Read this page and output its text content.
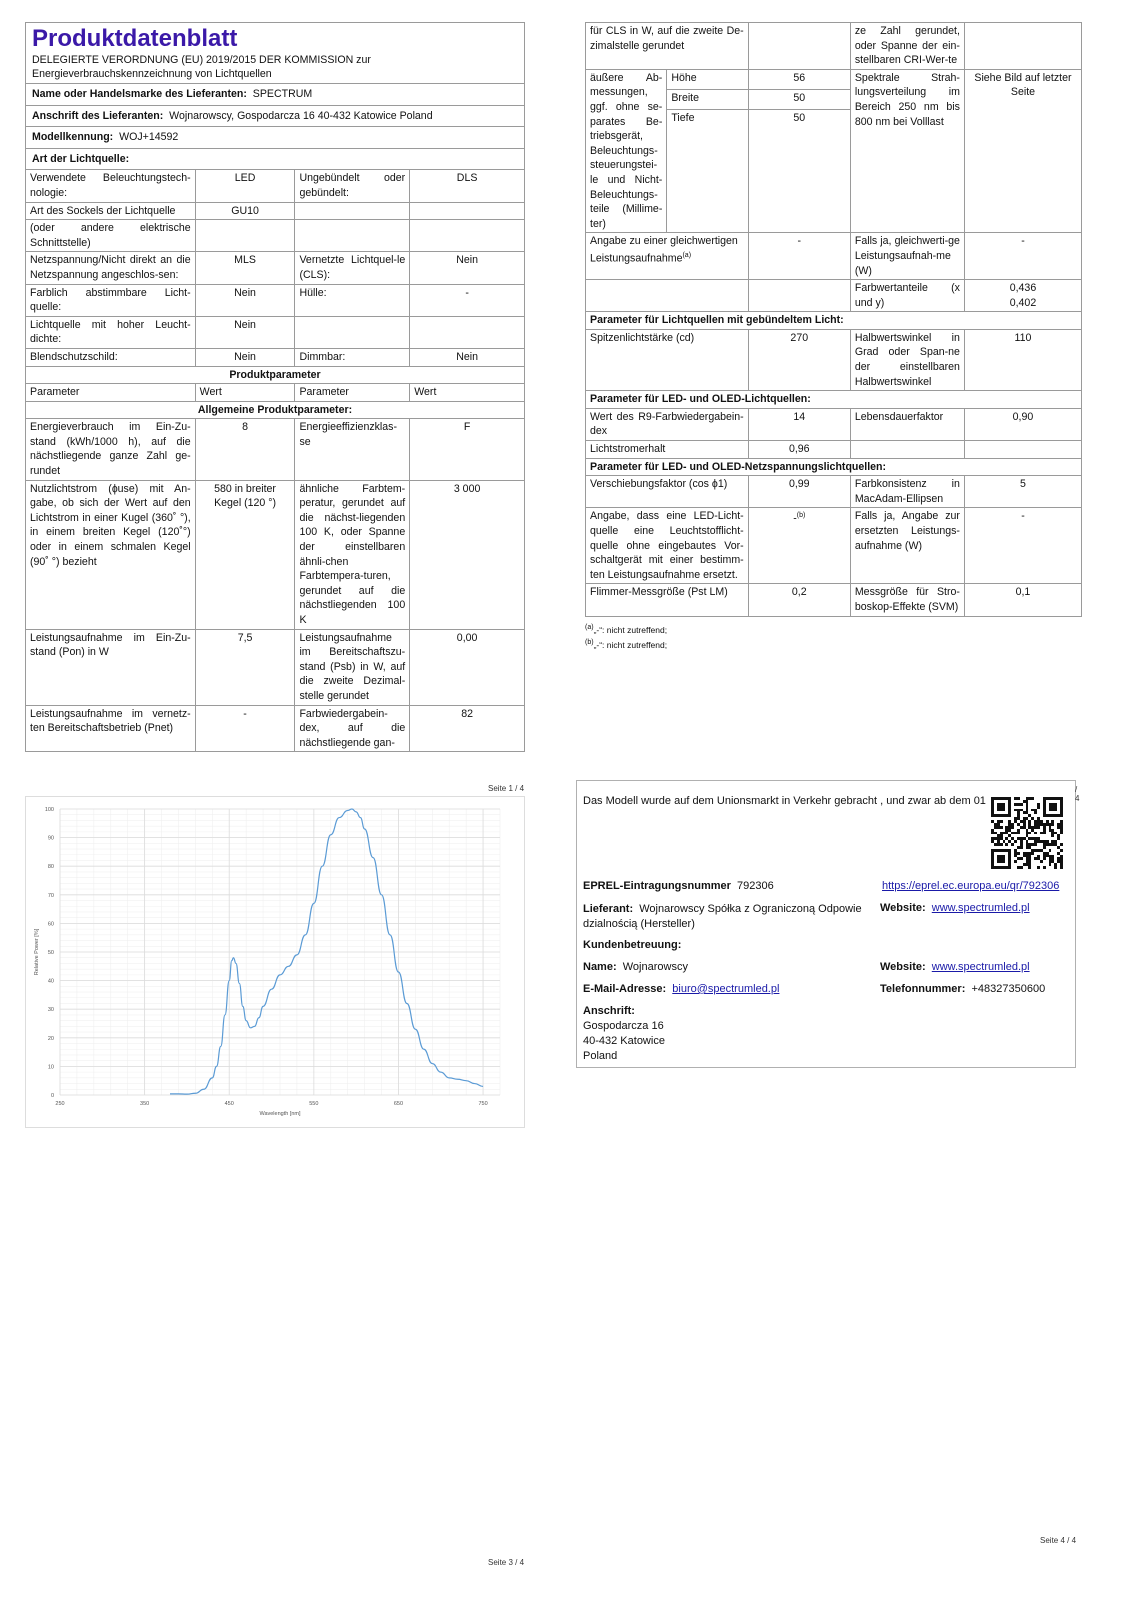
Produktdatenblatt
DELEGIERTE VERORDNUNG (EU) 2019/2015 DER KOMMISSION zur
Energieverbrauchskennzeichnung von Lichtquellen

Name oder Handelsmarke des Lieferanten: SPECTRUM
Anschrift des Lieferanten: Wojnarowscy, Gospodarcza 16 40-432 Katowice Poland
Modellkennung: WOJ+14592
Art der Lichtquelle:
Verwendete Beleuchtungstech-nologie:	LED	Ungebündelt oder gebündelt:	DLS
Art des Sockels der Lichtquelle	GU10		
(oder andere elektrische Schnittstelle)			
Netzspannung/Nicht direkt an die Netzspannung angeschlos-sen:	MLS	Vernetzte Lichtquel-le (CLS):	Nein
Farblich abstimmbare Licht-quelle:	Nein	Hülle:	-
Lichtquelle mit hoher Leucht-dichte:	Nein		
Blendschutzschild:	Nein	Dimmbar:	Nein
Produktparameter			
Parameter	Wert	Parameter	Wert
Allgemeine Produktparameter:			
Energieverbrauch im Ein-Zu-stand (kWh/1000 h), auf die nächstliegende ganze Zahl ge-rundet	8	Energieeffizienzklas-se	F
Nutzlichtstrom (ɸuse) mit An-gabe, ob sich der Wert auf den Lichtstrom in einer Kugel (360˚ °), in einem breiten Kegel (120˚°) oder in einem schmalen Kegel (90˚ °) bezieht	580 in breiter Kegel (120 °)	ähnliche Farbtem-peratur, gerundet auf die nächst-liegenden 100 K, oder Spanne der einstellbaren ähnli-chen Farbtempera-turen, gerundet auf die nächstliegenden 100 K	3 000
Leistungsaufnahme im Ein-Zu-stand (Pon) in W	7,5	Leistungsaufnahme im Bereitschaftszu-stand (Psb) in W, auf die zweite Dezimal-stelle gerundet	0,00
Leistungsaufnahme im vernetz-ten Bereitschaftsbetrieb (Pnet)	-	Farbwiedergabein-dex, auf die nächstliegende gan-	82
Seite 1 / 4
für CLS in W, auf die zweite De-zimalstelle gerundet			ze Zahl gerundet, oder Spanne der ein-stellbaren CRI-Wer-te	
äußere Ab-messungen, ggf. ohne se-parates Be-triebsgerät, Beleuchtungs-steuerungstei-le und Nicht-Beleuchtungs-teile (Millime-ter)	Höhe	56	Spektrale Strah-lungsverteilung im Bereich 250 nm bis 800 nm bei Volllast	Siehe Bild auf letzter Seite
	Breite	50		
	Tiefe	50		
Angabe zu einer gleichwertigen Leistungsaufnahme$^{(a)}$		-	Falls ja, gleichwerti-ge Leistungsaufnah-me (W)	-
			Farbwertanteile (x und y)	0,436
0,402

Parameter für Lichtquellen mit gebündeltem Licht:				
Spitzenlichtstärke (cd)		270	Halbwertswinkel in Grad oder Span-ne der einstellbaren Halbwertswinkel	110
Parameter für LED- und OLED-Lichtquellen:				
Wert des R9-Farbwiedergabein-dex		14	Lebensdauerfaktor	0,90
Lichtstromerhalt		0,96		
Parameter für LED- und OLED-Netzspannungslichtquellen:				
Verschiebungsfaktor (cos ϕ1)		0,99	Farbkonsistenz in MacAdam-Ellipsen	5
Angabe, dass eine LED-Licht-quelle eine Leuchtstofflicht-quelle ohne eingebautes Vor-schaltgerät mit einer bestimm-ten Leistungsaufnahme ersetzt.		-$^{(b)}$	Falls ja, Angabe zur ersetzten Leistungs-aufnahme (W)	-
Flimmer-Messgröße (Pst LM)		0,2	Messgröße für Stro-boskop-Effekte (SVM)	0,1
$^{(a)}$„-“: nicht zutreffend;
$^{(b)}$„-“: nicht zutreffend;
0
10
20
30
40
50
60
70
80
90
100
250	350	450	550	650	750
Wavelength [nm]
Relative Power [%]
Seite 3 / 4
Das Modell wurde auf dem Unionsmarkt in Verkehr gebracht , und zwar ab dem 01
/ 4
EPREL-Eintragungsnummer 792306	https://eprel.ec.europa.eu/qr/792306
Lieferant: Wojnarowscy Spółka z Ograniczoną Odpowie dzialnością (Hersteller)
Website: www.spectrumled.pl
Kundenbetreuung:
Name: Wojnarowscy	Website: www.spectrumled.pl
E-Mail-Adresse: biuro@spectrumled.pl	Telefonnummer: +48327350600
Anschrift:
Gospodarcza 16
40-432 Katowice
Poland
Seite 4 / 4
